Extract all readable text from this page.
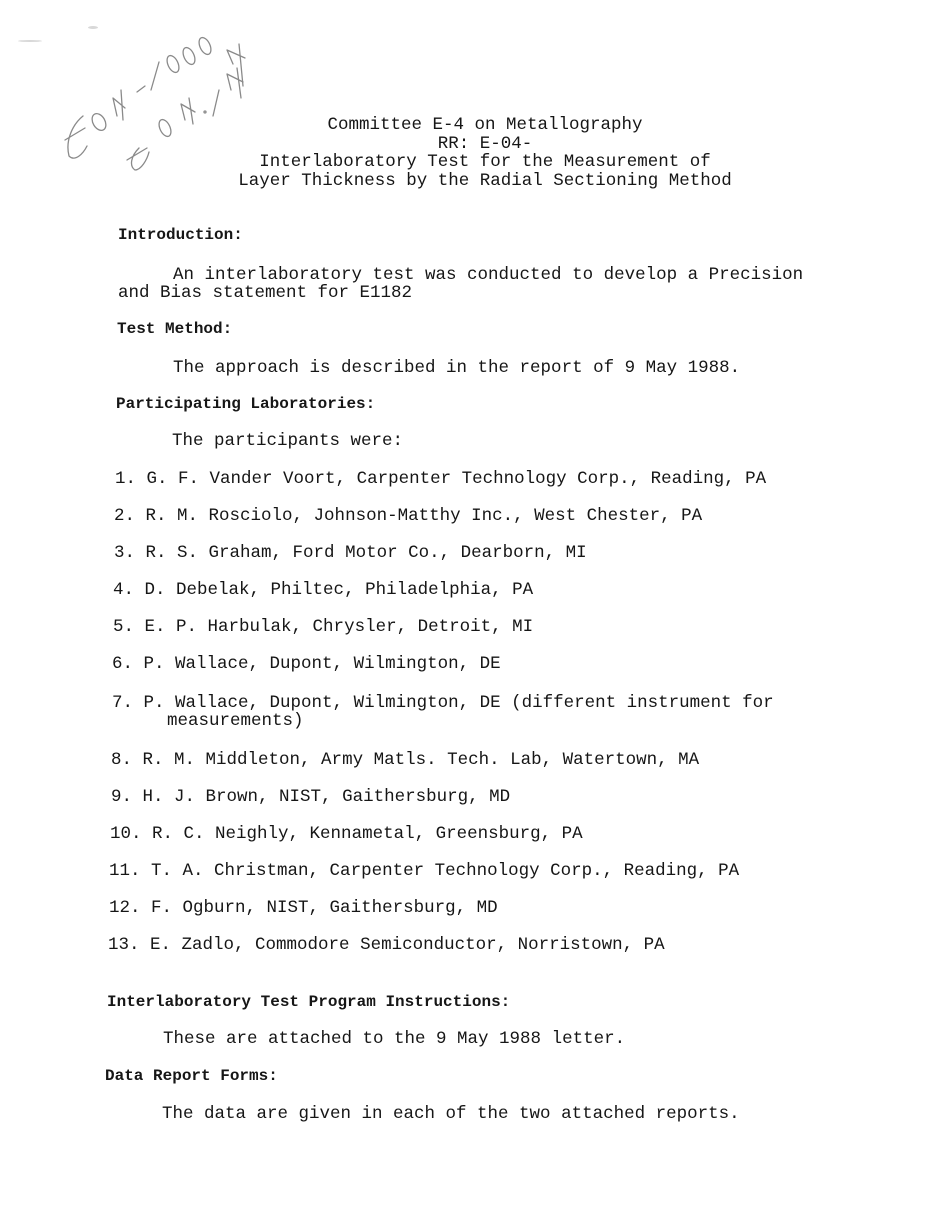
Committee E-4 on Metallography
RR: E-04-
Interlaboratory Test for the Measurement of
Layer Thickness by the Radial Sectioning Method
Introduction:
An interlaboratory test was conducted to develop a Precision
and Bias statement for E1182
Test Method:
The approach is described in the report of 9 May 1988.
Participating Laboratories:
The participants were:
1. G. F. Vander Voort, Carpenter Technology Corp., Reading, PA
2. R. M. Rosciolo, Johnson-Matthy Inc., West Chester, PA
3. R. S. Graham, Ford Motor Co., Dearborn, MI
4. D. Debelak, Philtec, Philadelphia, PA
5. E. P. Harbulak, Chrysler, Detroit, MI
6. P. Wallace, Dupont, Wilmington, DE
7. P. Wallace, Dupont, Wilmington, DE (different instrument for
measurements)
8. R. M. Middleton, Army Matls. Tech. Lab, Watertown, MA
9. H. J. Brown, NIST, Gaithersburg, MD
10. R. C. Neighly, Kennametal, Greensburg, PA
11. T. A. Christman, Carpenter Technology Corp., Reading, PA
12. F. Ogburn, NIST, Gaithersburg, MD
13. E. Zadlo, Commodore Semiconductor, Norristown, PA
Interlaboratory Test Program Instructions:
These are attached to the 9 May 1988 letter.
Data Report Forms:
The data are given in each of the two attached reports.
